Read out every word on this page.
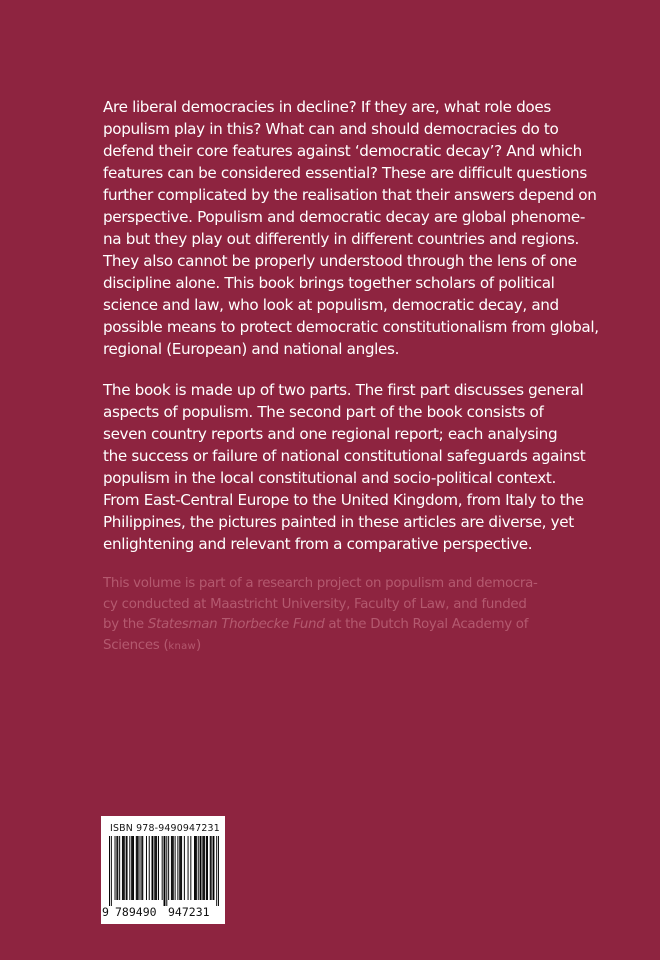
Are liberal democracies in decline? If they are, what role does
populism play in this? What can and should democracies do to
defend their core features against ‘democratic decay’? And which
features can be considered essential? These are difficult questions
further complicated by the realisation that their answers depend on
perspective. Populism and democratic decay are global phenome-
na but they play out differently in different countries and regions.
They also cannot be properly understood through the lens of one
discipline alone. This book brings together scholars of political
science and law, who look at populism, democratic decay, and
possible means to protect democratic constitutionalism from global,
regional (European) and national angles.

The book is made up of two parts. The first part discusses general
aspects of populism. The second part of the book consists of
seven country reports and one regional report; each analysing
the success or failure of national constitutional safeguards against
populism in the local constitutional and socio-political context.
From East-Central Europe to the United Kingdom, from Italy to the
Philippines, the pictures painted in these articles are diverse, yet
enlightening and relevant from a comparative perspective.

This volume is part of a research project on populism and democra-
cy conducted at Maastricht University, Faculty of Law, and funded
by the Statesman Thorbecke Fund at the Dutch Royal Academy of
Sciences (knaw)

ISBN 978-9490947231
9 789490 947231
